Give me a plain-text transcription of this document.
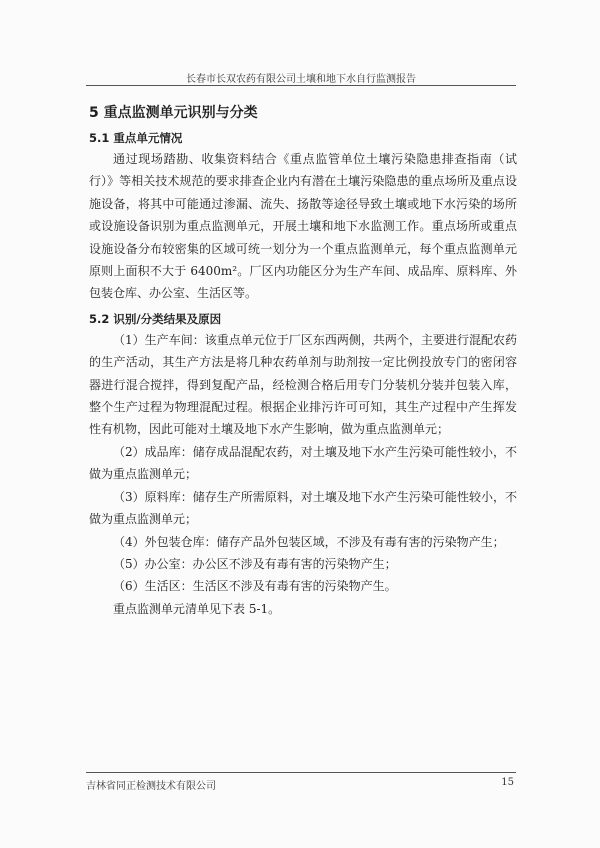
长春市长双农药有限公司土壤和地下水自行监测报告
5 重点监测单元识别与分类
5.1 重点单元情况

通过现场踏勘、收集资料结合《重点监管单位土壤污染隐患排查指南（试行）》等相关技术规范的要求排查企业内有潜在土壤污染隐患的重点场所及重点设施设备，将其中可能通过渗漏、流失、扬散等途径导致土壤或地下水污染的场所或设施设备识别为重点监测单元，开展土壤和地下水监测工作。重点场所或重点设施设备分布较密集的区域可统一划分为一个重点监测单元，每个重点监测单元原则上面积不大于 6400m²。厂区内功能区分为生产车间、成品库、原料库、外包装仓库、办公室、生活区等。

5.2 识别/分类结果及原因

（1）生产车间：该重点单元位于厂区东西两侧，共两个，主要进行混配农药的生产活动，其生产方法是将几种农药单剂与助剂按一定比例投放专门的密闭容器进行混合搅拌，得到复配产品，经检测合格后用专门分装机分装并包装入库，整个生产过程为物理混配过程。根据企业排污许可可知，其生产过程中产生挥发性有机物，因此可能对土壤及地下水产生影响，做为重点监测单元；

（2）成品库：储存成品混配农药，对土壤及地下水产生污染可能性较小，不做为重点监测单元；

（3）原料库：储存生产所需原料，对土壤及地下水产生污染可能性较小，不做为重点监测单元；

（4）外包装仓库：储存产品外包装区域，不涉及有毒有害的污染物产生；

（5）办公室：办公区不涉及有毒有害的污染物产生；

（6）生活区：生活区不涉及有毒有害的污染物产生。

重点监测单元清单见下表 5-1。

吉林省同正检测技术有限公司	15
